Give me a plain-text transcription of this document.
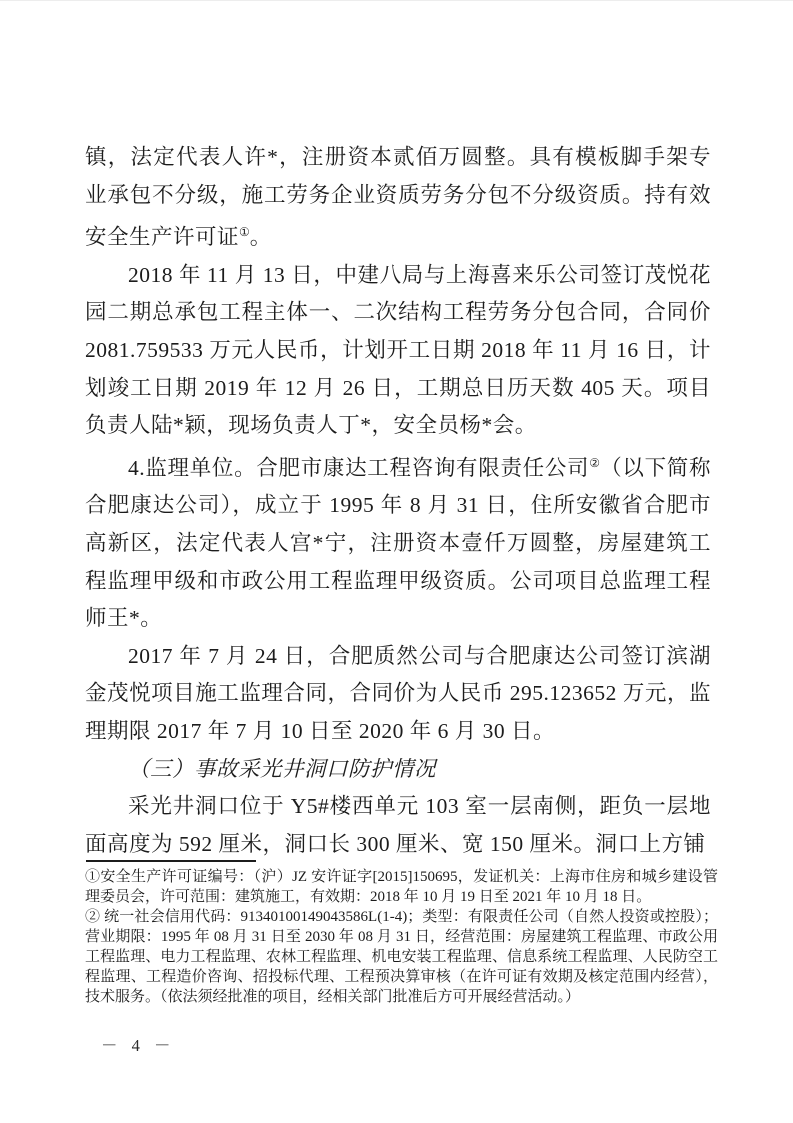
镇，法定代表人许*，注册资本贰佰万圆整。具有模板脚手架专业承包不分级，施工劳务企业资质劳务分包不分级资质。持有效安全生产许可证①。

2018 年 11 月 13 日，中建八局与上海喜来乐公司签订茂悦花园二期总承包工程主体一、二次结构工程劳务分包合同，合同价 2081.759533 万元人民币，计划开工日期 2018 年 11 月 16 日，计划竣工日期 2019 年 12 月 26 日，工期总日历天数 405 天。项目负责人陆*颖，现场负责人丁*，安全员杨*会。

4.监理单位。合肥市康达工程咨询有限责任公司②（以下简称合肥康达公司），成立于 1995 年 8 月 31 日，住所安徽省合肥市高新区，法定代表人宫*宁，注册资本壹仟万圆整，房屋建筑工程监理甲级和市政公用工程监理甲级资质。公司项目总监理工程师王*。

2017 年 7 月 24 日，合肥质然公司与合肥康达公司签订滨湖金茂悦项目施工监理合同，合同价为人民币 295.123652 万元，监理期限 2017 年 7 月 10 日至 2020 年 6 月 30 日。

（三）事故采光井洞口防护情况

采光井洞口位于 Y5#楼西单元 103 室一层南侧，距负一层地面高度为 592 厘米，洞口长 300 厘米、宽 150 厘米。洞口上方铺

①安全生产许可证编号：（沪）JZ 安许证字[2015]150695，发证机关：上海市住房和城乡建设管理委员会，许可范围：建筑施工，有效期：2018 年 10 月 19 日至 2021 年 10 月 18 日。

② 统一社会信用代码：91340100149043586L(1-4)；类型：有限责任公司（自然人投资或控股）；营业期限：1995 年 08 月 31 日至 2030 年 08 月 31 日，经营范围：房屋建筑工程监理、市政公用工程监理、电力工程监理、农林工程监理、机电安装工程监理、信息系统工程监理、人民防空工程监理、工程造价咨询、招投标代理、工程预决算审核（在许可证有效期及核定范围内经营），技术服务。（依法须经批准的项目，经相关部门批准后方可开展经营活动。）

－ 4 －
